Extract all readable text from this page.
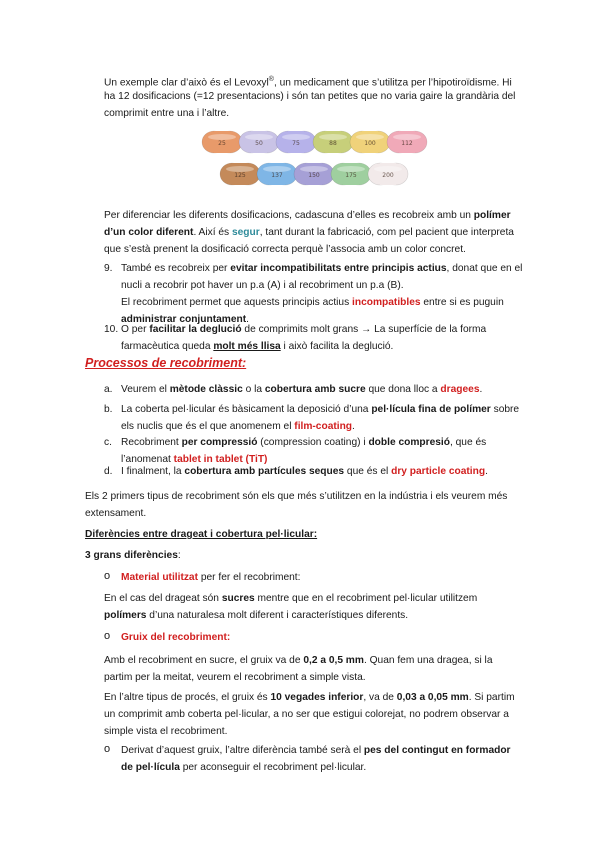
Un exemple clar d’això és el Levoxyl®, un medicament que s’utilitza per l’hipotiroïdisme. Hi
ha 12 dosificacions (=12 presentacions) i són tan petites que no varia gaire la grandària del
comprimit entre una i l’altre.
25	50	75	88	100	112
125	137	150	175	200
Per diferenciar les diferents dosificacions, cadascuna d’elles es recobreix amb un polímer
d’un color diferent. Així és segur, tant durant la fabricació, com pel pacient que interpreta
que s’està prenent la dosificació correcta perquè l’associa amb un color concret.
9. També es recobreix per evitar incompatibilitats entre principis actius, donat que en el
nucli a recobrir pot haver un p.a (A) i al recobriment un p.a (B).
El recobriment permet que aquests principis actius incompatibles entre si es puguin
administrar conjuntament.
10. O per facilitar la deglució de comprimits molt grans → La superfície de la forma
farmacèutica queda molt més llisa i això facilita la deglució.
Processos de recobriment:
a. Veurem el mètode clàssic o la cobertura amb sucre que dona lloc a dragees.
b. La coberta pel·licular és bàsicament la deposició d’una pel·lícula fina de polímer sobre
els nuclis que és el que anomenem el film-coating.
c. Recobriment per compressió (compression coating) i doble compresió, que és
l’anomenat tablet in tablet (TiT)
d. I finalment, la cobertura amb partícules seques que és el dry particle coating.
Els 2 primers tipus de recobriment són els que més s’utilitzen en la indústria i els veurem més
extensament.
Diferències entre drageat i cobertura pel·licular:
3 grans diferències:
o Material utilitzat per fer el recobriment:
En el cas del drageat són sucres mentre que en el recobriment pel·licular utilitzem
polímers d’una naturalesa molt diferent i característiques diferents.
o Gruix del recobriment:
Amb el recobriment en sucre, el gruix va de 0,2 a 0,5 mm. Quan fem una dragea, si la
partim per la meitat, veurem el recobriment a simple vista.
En l’altre tipus de procés, el gruix és 10 vegades inferior, va de 0,03 a 0,05 mm. Si partim
un comprimit amb coberta pel·licular, a no ser que estigui colorejat, no podrem observar a
simple vista el recobriment.
o Derivat d’aquest gruix, l’altre diferència també serà el pes del contingut en formador
de pel·lícula per aconseguir el recobriment pel·licular.
